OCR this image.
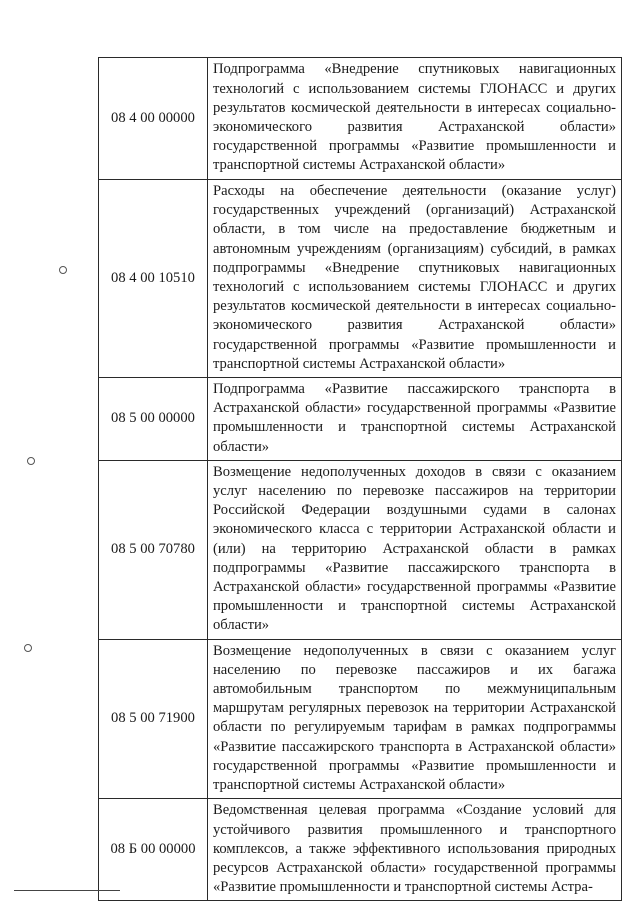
08 4 00 00000	Подпрограмма «Внедрение спутниковых навигационных технологий с использованием системы ГЛОНАСС и других результатов космической деятельности в интересах социально-экономического развития Астраханской области» государственной программы «Развитие промышленности и транспортной системы Астраханской области»
08 4 00 10510	Расходы на обеспечение деятельности (оказание услуг) государственных учреждений (организаций) Астраханской области, в том числе на предоставление бюджетным и автономным учреждениям (организациям) субсидий, в рамках подпрограммы «Внедрение спутниковых навигационных технологий с использованием системы ГЛОНАСС и других результатов космической деятельности в интересах социально-экономического развития Астраханской области» государственной программы «Развитие промышленности и транспортной системы Астраханской области»
08 5 00 00000	Подпрограмма «Развитие пассажирского транспорта в Астраханской области» государственной программы «Развитие промышленности и транспортной системы Астраханской области»
08 5 00 70780	Возмещение недополученных доходов в связи с оказанием услуг населению по перевозке пассажиров на территории Российской Федерации воздушными судами в салонах экономического класса с территории Астраханской области и (или) на территорию Астраханской области в рамках подпрограммы «Развитие пассажирского транспорта в Астраханской области» государственной программы «Развитие промышленности и транспортной системы Астраханской области»
08 5 00 71900	Возмещение недополученных в связи с оказанием услуг населению по перевозке пассажиров и их багажа автомобильным транспортом по межмуниципальным маршрутам регулярных перевозок на территории Астраханской области по регулируемым тарифам в рамках подпрограммы «Развитие пассажирского транспорта в Астраханской области» государственной программы «Развитие промышленности и транспортной системы Астраханской области»
08 Б 00 00000	Ведомственная целевая программа «Создание условий для устойчивого развития промышленного и транспортного комплексов, а также эффективного использования природных ресурсов Астраханской области» государственной программы «Развитие промышленности и транспортной системы Астра-
